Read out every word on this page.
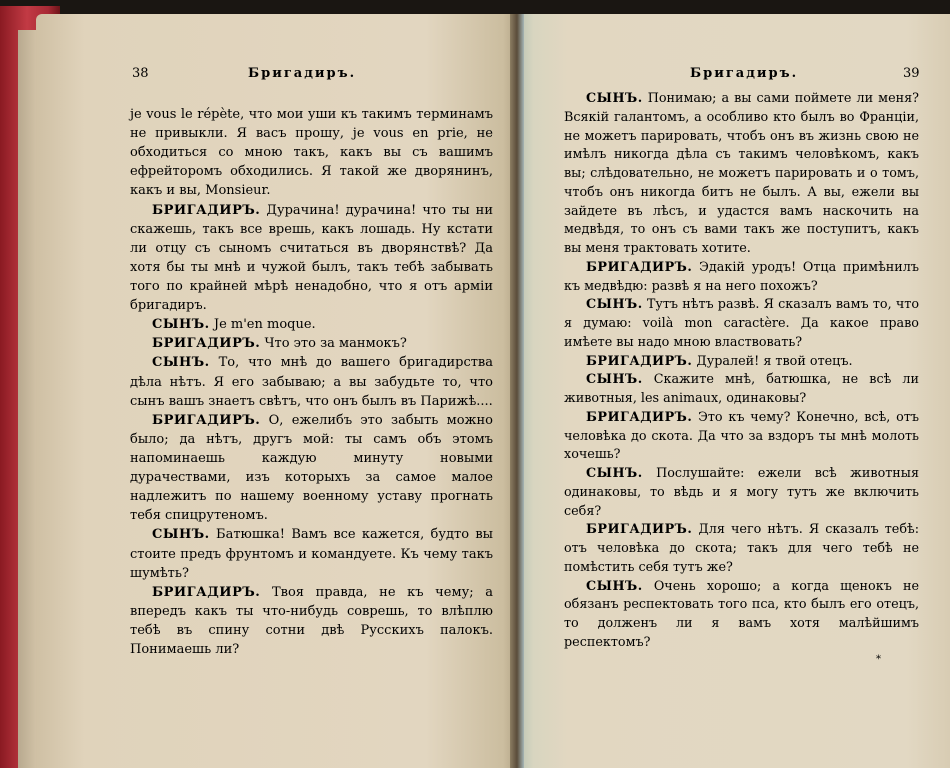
38	Бригадиръ.	Бригадиръ.	39

je vous le répète, что мои уши къ такимъ терминамъ не привыкли. Я васъ прошу, je vous en prie, не обходиться со мною такъ, какъ вы съ вашимъ ефрейторомъ обходились. Я такой же дворянинъ, какъ и вы, Monsieur.

БРИГАДИРЪ. Дурачина! дурачина! что ты ни скажешь, такъ все врешь, какъ лошадь. Ну кстати ли отцу съ сыномъ считаться въ дворянствѣ? Да хотя бы ты мнѣ и чужой былъ, такъ тебѣ забывать того по крайней мѣрѣ ненадобно, что я отъ арміи бригадиръ.

СЫНЪ. Je m'en moque.

БРИГАДИРЪ. Что это за манмокъ?

СЫНЪ. То, что мнѣ до вашего бригадирства дѣла нѣтъ. Я его забываю; а вы забудьте то, что сынъ вашъ знаетъ свѣтъ, что онъ былъ въ Парижѣ....

БРИГАДИРЪ. О, ежелибъ это забыть можно было; да нѣтъ, другъ мой: ты самъ объ этомъ напоминаешь каждую минуту новыми дурачествами, изъ которыхъ за самое малое надлежитъ по нашему военному уставу прогнать тебя спицрутеномъ.

СЫНЪ. Батюшка! Вамъ все кажется, будто вы стоите предъ фрунтомъ и командуете. Къ чему такъ шумѣть?

БРИГАДИРЪ. Твоя правда, не къ чему; а впередъ какъ ты что-нибудь соврешь, то влѣплю тебѣ въ спину сотни двѣ Русскихъ палокъ. Понимаешь ли?

СЫНЪ. Понимаю; а вы сами поймете ли меня? Всякій галантомъ, а особливо кто былъ во Франціи, не можетъ парировать, чтобъ онъ въ жизнь свою не имѣлъ никогда дѣла съ такимъ человѣкомъ, какъ вы; слѣдовательно, не можетъ парировать и о томъ, чтобъ онъ никогда битъ не былъ. А вы, ежели вы зайдете въ лѣсъ, и удастся вамъ наскочить на медвѣдя, то онъ съ вами такъ же поступитъ, какъ вы меня трактовать хотите.

БРИГАДИРЪ. Эдакій уродъ! Отца примѣнилъ къ медвѣдю: развѣ я на него похожъ?

СЫНЪ. Тутъ нѣтъ развѣ. Я сказалъ вамъ то, что я думаю: voilà mon caractère. Да какое право имѣете вы надо мною властвовать?

БРИГАДИРЪ. Дуралей! я твой отецъ.

СЫНЪ. Скажите мнѣ, батюшка, не всѣ ли животныя, les animaux, одинаковы?

БРИГАДИРЪ. Это къ чему? Конечно, всѣ, отъ человѣка до скота. Да что за вздоръ ты мнѣ молоть хочешь?

СЫНЪ. Послушайте: ежели всѣ животныя одинаковы, то вѣдь и я могу тутъ же включить себя?

БРИГАДИРЪ. Для чего нѣтъ. Я сказалъ тебѣ: отъ человѣка до скота; такъ для чего тебѣ не помѣстить себя тутъ же?

СЫНЪ. Очень хорошо; а когда щенокъ не обязанъ респектовать того пса, кто былъ его отецъ, то долженъ ли я вамъ хотя малѣйшимъ респектомъ?

*
